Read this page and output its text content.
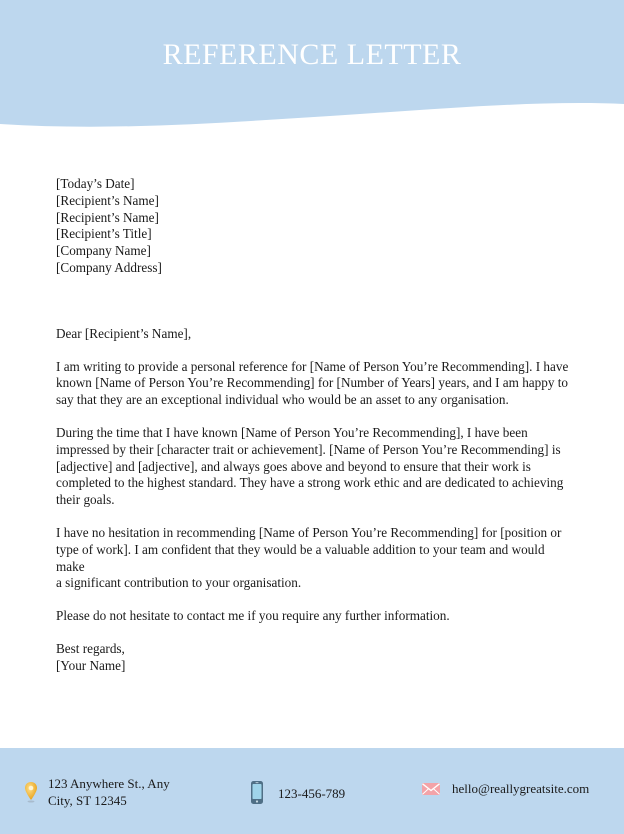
REFERENCE LETTER
[Today’s Date]
[Recipient’s Name]
[Recipient’s Name]
[Recipient’s Title]
[Company Name]
[Company Address]
Dear [Recipient’s Name],
I am writing to provide a personal reference for [Name of Person You’re Recommending]. I have
known [Name of Person You’re Recommending] for [Number of Years] years, and I am happy to
say that they are an exceptional individual who would be an asset to any organisation.
During the time that I have known [Name of Person You’re Recommending], I have been
impressed by their [character trait or achievement]. [Name of Person You’re Recommending] is
[adjective] and [adjective], and always goes above and beyond to ensure that their work is
completed to the highest standard. They have a strong work ethic and are dedicated to achieving
their goals.
I have no hesitation in recommending [Name of Person You’re Recommending] for [position or
type of work]. I am confident that they would be a valuable addition to your team and would make
a significant contribution to your organisation.
Please do not hesitate to contact me if you require any further information.
Best regards,
[Your Name]
123 Anywhere St., Any City, ST 12345	123-456-789	hello@reallygreatsite.com
